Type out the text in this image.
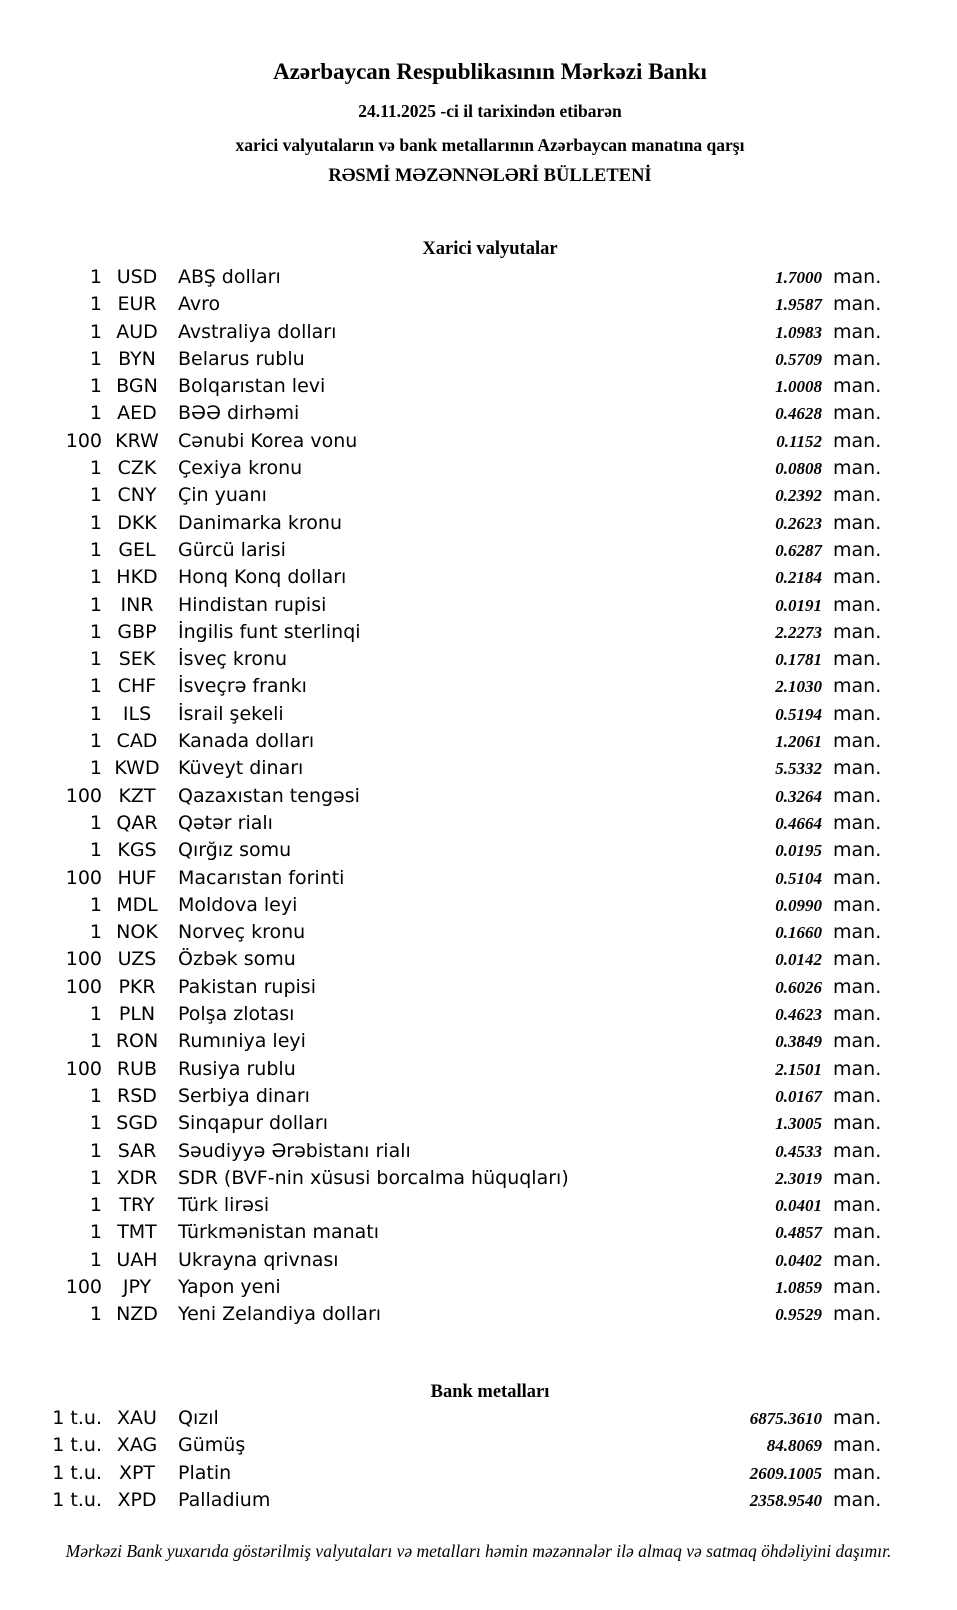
Azərbaycan Respublikasının Mərkəzi Bankı
24.11.2025 -ci il tarixindən etibarən
xarici valyutaların və bank metallarının Azərbaycan manatına qarşı
RƏSMİ MƏZƏNNƏLƏRİ BÜLLETENİ
Xarici valyutalar
1 USD	ABŞ dolları	1.7000 man.
1 EUR	Avro	1.9587 man.
1 AUD	Avstraliya dolları	1.0983 man.
1 BYN	Belarus rublu	0.5709 man.
1 BGN	Bolqarıstan levi	1.0008 man.
1 AED	BƏƏ dirhəmi	0.4628 man.
100 KRW	Cənubi Korea vonu	0.1152 man.
1 CZK	Çexiya kronu	0.0808 man.
1 CNY	Çin yuanı	0.2392 man.
1 DKK	Danimarka kronu	0.2623 man.
1 GEL	Gürcü larisi	0.6287 man.
1 HKD	Honq Konq dolları	0.2184 man.
1 INR	Hindistan rupisi	0.0191 man.
1 GBP	İngilis funt sterlinqi	2.2273 man.
1 SEK	İsveç kronu	0.1781 man.
1 CHF	İsveçrə frankı	2.1030 man.
1	ILS	İsrail şekeli	0.5194 man.
1 CAD	Kanada dolları	1.2061 man.
1 KWD Küveyt dinarı	5.5332 man.
100 KZT	Qazaxıstan tengəsi	0.3264 man.
1 QAR	Qətər rialı	0.4664 man.
1 KGS	Qırğız somu	0.0195 man.
100 HUF	Macarıstan forinti	0.5104 man.
1 MDL	Moldova leyi	0.0990 man.
1 NOK	Norveç kronu	0.1660 man.
100 UZS	Özbək somu	0.0142 man.
100 PKR	Pakistan rupisi	0.6026 man.
1 PLN	Polşa zlotası	0.4623 man.
1 RON	Rumıniya leyi	0.3849 man.
100 RUB	Rusiya rublu	2.1501 man.
1 RSD	Serbiya dinarı	0.0167 man.
1 SGD	Sinqapur dolları	1.3005 man.
1 SAR	Səudiyyə Ərəbistanı rialı	0.4533 man.
1 XDR	SDR (BVF-nin xüsusi borcalma hüquqları)	2.3019 man.
1 TRY	Türk lirəsi	0.0401 man.
1 TMT	Türkmənistan manatı	0.4857 man.
1 UAH	Ukrayna qrivnası	0.0402 man.
100	JPY	Yapon yeni	1.0859 man.
1 NZD	Yeni Zelandiya dolları	0.9529 man.
Bank metalları
1 t.u. XAU	Qızıl	6875.3610 man.
1 t.u. XAG	Gümüş	84.8069 man.
1 t.u. XPT	Platin	2609.1005 man.
1 t.u. XPD	Palladium	2358.9540 man.
Mərkəzi Bank yuxarıda göstərilmiş valyutaları və metalları həmin məzənnələr ilə almaq və satmaq öhdəliyini daşımır.
